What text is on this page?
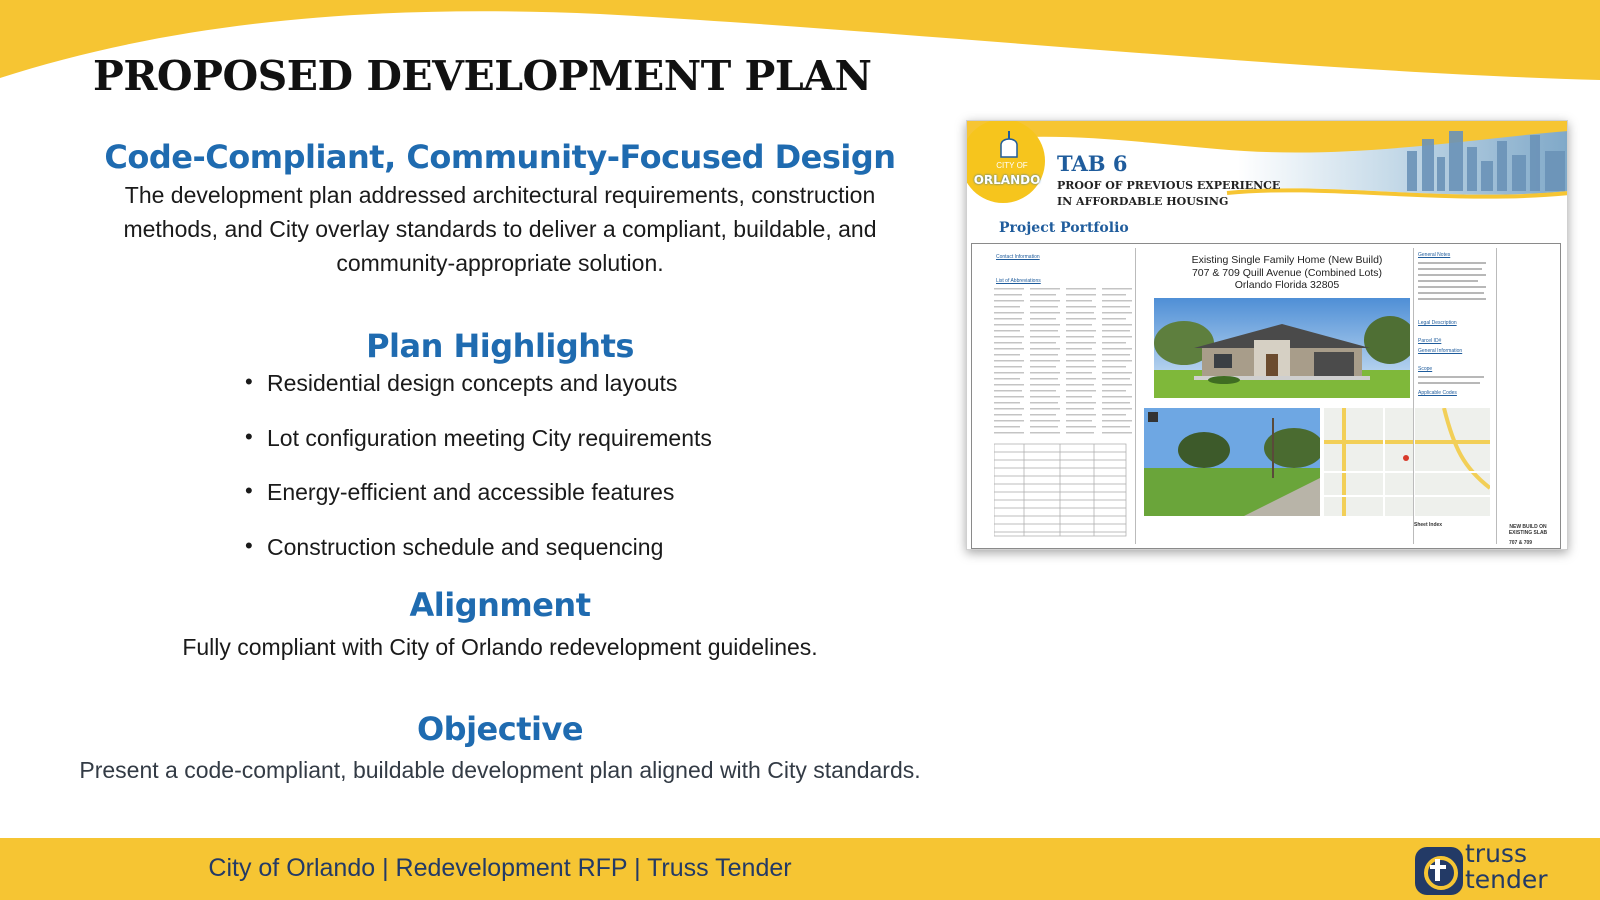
PROPOSED DEVELOPMENT PLAN
Code-Compliant, Community-Focused Design
The development plan addressed architectural requirements, construction methods, and City overlay standards to deliver a compliant, buildable, and community-appropriate solution.
Plan Highlights
• Residential design concepts and layouts
• Lot configuration meeting City requirements
• Energy-efficient and accessible features
• Construction schedule and sequencing
Alignment
Fully compliant with City of Orlando redevelopment guidelines.
Objective
Present a code-compliant, buildable development plan aligned with City standards.
CITY OF
ORLANDO
TAB 6
PROOF OF PREVIOUS EXPERIENCE
IN AFFORDABLE HOUSING
Project Portfolio
Contact Information
List of Abbreviations
Existing Single Family Home (New Build)
707 & 709 Quill Avenue (Combined Lots)
Orlando Florida 32805
General Notes
Legal Description
Parcel ID#
General Information
Scope
Applicable Codes
Sheet Index	NEW BUILD ON EXISTING SLAB
707 & 709
City of Orlando | Redevelopment RFP | Truss Tender	truss
tender
